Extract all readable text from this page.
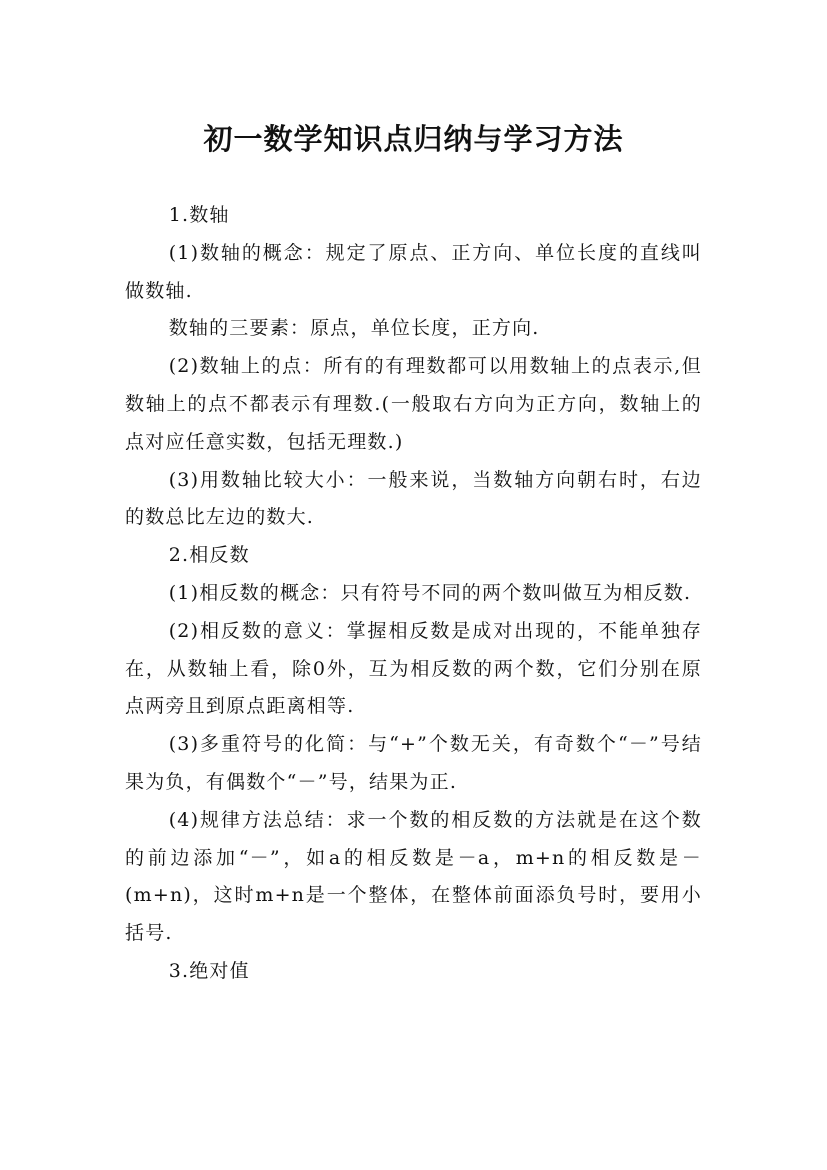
初一数学知识点归纳与学习方法

1.数轴

(1)数轴的概念：规定了原点、正方向、单位长度的直线叫做数轴.

数轴的三要素：原点，单位长度，正方向.

(2)数轴上的点：所有的有理数都可以用数轴上的点表示,但数轴上的点不都表示有理数.(一般取右方向为正方向，数轴上的点对应任意实数，包括无理数.)

(3)用数轴比较大小：一般来说，当数轴方向朝右时，右边的数总比左边的数大.

2.相反数

(1)相反数的概念：只有符号不同的两个数叫做互为相反数.

(2)相反数的意义：掌握相反数是成对出现的，不能单独存在，从数轴上看，除0外，互为相反数的两个数，它们分别在原点两旁且到原点距离相等.

(3)多重符号的化简：与“+”个数无关，有奇数个“－”号结果为负，有偶数个“－”号，结果为正.

(4)规律方法总结：求一个数的相反数的方法就是在这个数的前边添加“－”，如a的相反数是－a，m+n的相反数是－(m+n)，这时m+n是一个整体，在整体前面添负号时，要用小括号.

3.绝对值
